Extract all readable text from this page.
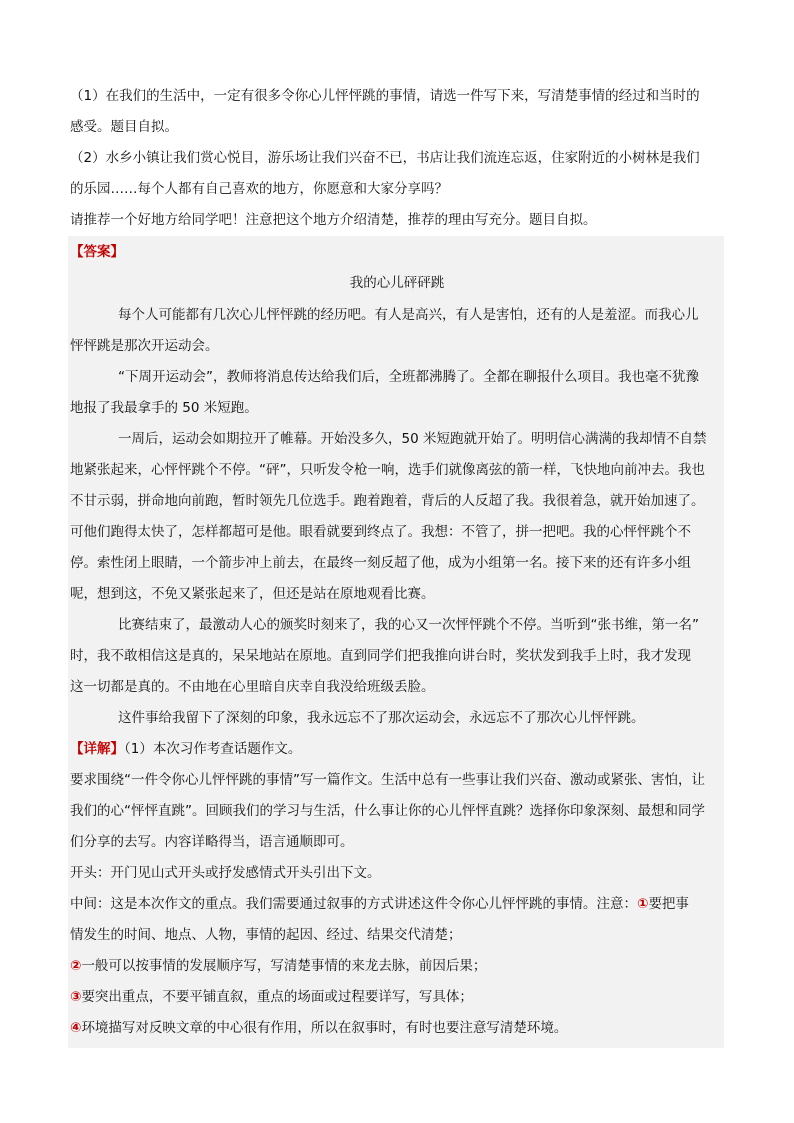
（1）在我们的生活中，一定有很多令你心儿怦怦跳的事情，请选一件写下来，写清楚事情的经过和当时的
感受。题目自拟。
（2）水乡小镇让我们赏心悦目，游乐场让我们兴奋不已，书店让我们流连忘返，住家附近的小树林是我们
的乐园……每个人都有自己喜欢的地方，你愿意和大家分享吗？
请推荐一个好地方给同学吧！注意把这个地方介绍清楚，推荐的理由写充分。题目自拟。
【答案】
我的心儿砰砰跳
每个人可能都有几次心儿怦怦跳的经历吧。有人是高兴，有人是害怕，还有的人是羞涩。而我心儿
怦怦跳是那次开运动会。
“下周开运动会”，教师将消息传达给我们后，全班都沸腾了。全都在聊报什么项目。我也毫不犹豫
地报了我最拿手的 50 米短跑。
一周后，运动会如期拉开了帷幕。开始没多久，50 米短跑就开始了。明明信心满满的我却情不自禁
地紧张起来，心怦怦跳个不停。“砰”，只听发令枪一响，选手们就像离弦的箭一样，飞快地向前冲去。我也
不甘示弱，拼命地向前跑，暂时领先几位选手。跑着跑着，背后的人反超了我。我很着急，就开始加速了。
可他们跑得太快了，怎样都超可是他。眼看就要到终点了。我想：不管了，拼一把吧。我的心怦怦跳个不
停。索性闭上眼睛，一个箭步冲上前去，在最终一刻反超了他，成为小组第一名。接下来的还有许多小组
呢，想到这，不免又紧张起来了，但还是站在原地观看比赛。
比赛结束了，最激动人心的颁奖时刻来了，我的心又一次怦怦跳个不停。当听到“张书维，第一名”
时，我不敢相信这是真的，呆呆地站在原地。直到同学们把我推向讲台时，奖状发到我手上时，我才发现
这一切都是真的。不由地在心里暗自庆幸自我没给班级丢脸。
这件事给我留下了深刻的印象，我永远忘不了那次运动会，永远忘不了那次心儿怦怦跳。
【详解】（1）本次习作考查话题作文。
要求围绕“一件令你心儿怦怦跳的事情”写一篇作文。生活中总有一些事让我们兴奋、激动或紧张、害怕，让
我们的心“怦怦直跳”。回顾我们的学习与生活，什么事让你的心儿怦怦直跳？选择你印象深刻、最想和同学
们分享的去写。内容详略得当，语言通顺即可。
开头：开门见山式开头或抒发感情式开头引出下文。
中间：这是本次作文的重点。我们需要通过叙事的方式讲述这件令你心儿怦怦跳的事情。注意：①要把事
情发生的时间、地点、人物，事情的起因、经过、结果交代清楚；
②一般可以按事情的发展顺序写，写清楚事情的来龙去脉，前因后果；
③要突出重点，不要平铺直叙，重点的场面或过程要详写，写具体；
④环境描写对反映文章的中心很有作用，所以在叙事时，有时也要注意写清楚环境。
